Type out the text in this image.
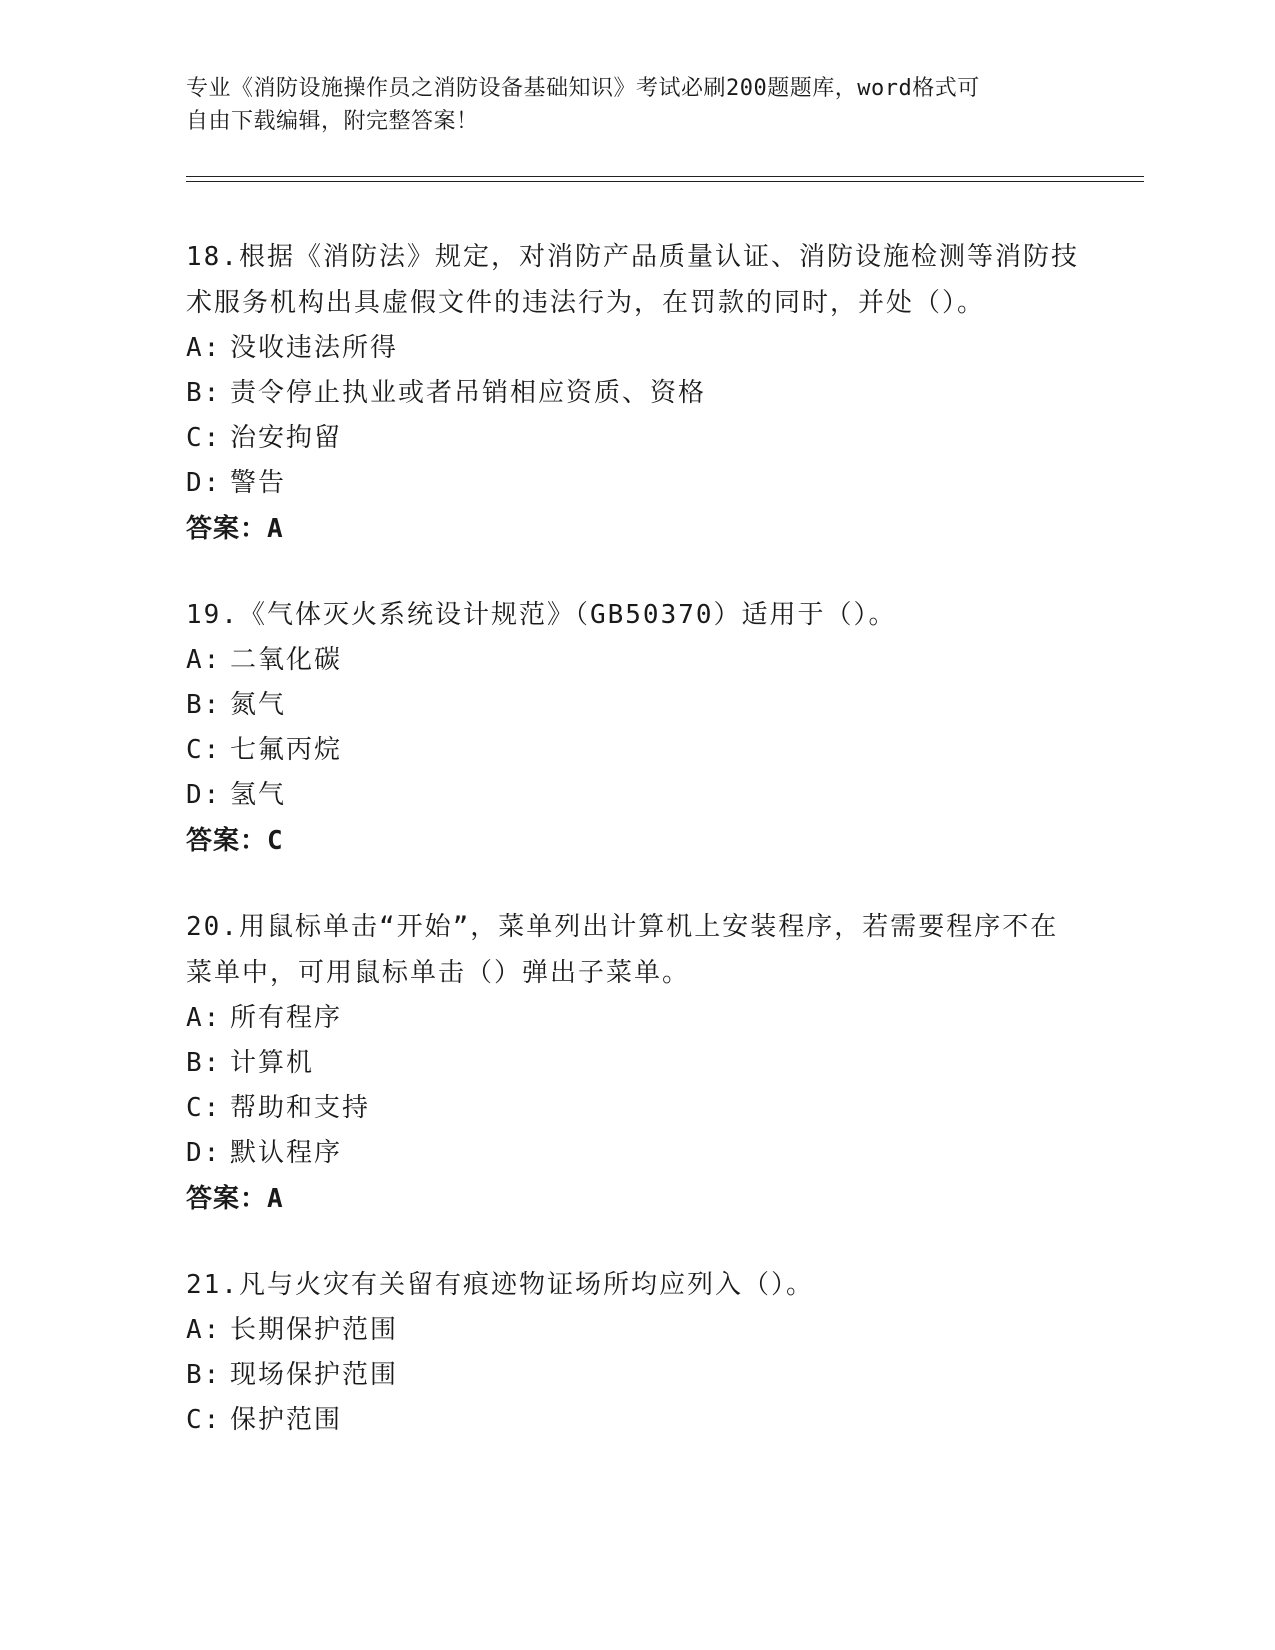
专业《消防设施操作员之消防设备基础知识》考试必刷200题题库，word格式可
自由下载编辑，附完整答案！
18.根据《消防法》规定，对消防产品质量认证、消防设施检测等消防技术服务机构出具虚假文件的违法行为，在罚款的同时，并处（）。
A: 没收违法所得
B: 责令停止执业或者吊销相应资质、资格
C: 治安拘留
D: 警告
答案：A
19.《气体灭火系统设计规范》（GB50370）适用于（）。
A: 二氧化碳
B: 氮气
C: 七氟丙烷
D: 氢气
答案：C
20.用鼠标单击“开始”，菜单列出计算机上安装程序，若需要程序不在菜单中，可用鼠标单击（）弹出子菜单。
A: 所有程序
B: 计算机
C: 帮助和支持
D: 默认程序
答案：A
21.凡与火灾有关留有痕迹物证场所均应列入（）。
A: 长期保护范围
B: 现场保护范围
C: 保护范围
